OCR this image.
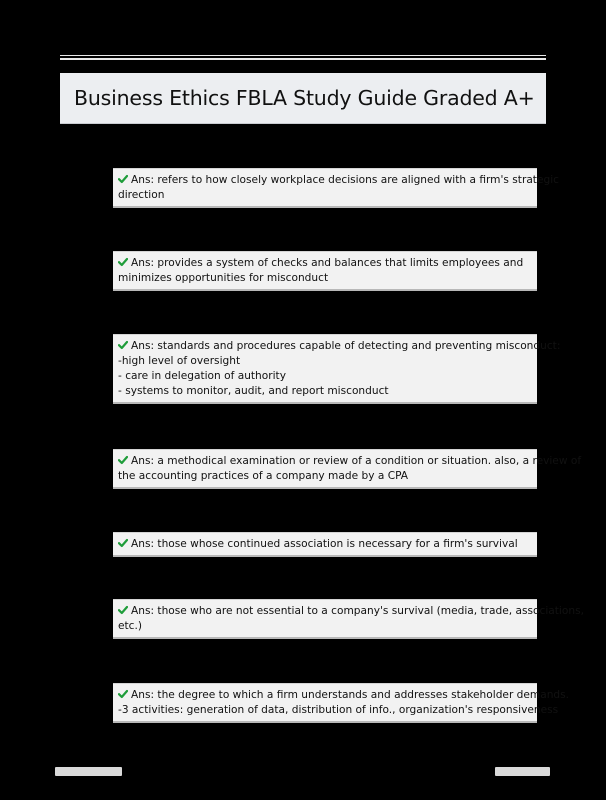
Business Ethics FBLA Study Guide Graded A+
Ans: refers to how closely workplace decisions are aligned with a firm's strategic
direction
Ans: provides a system of checks and balances that limits employees and
minimizes opportunities for misconduct
Ans: standards and procedures capable of detecting and preventing misconduct:
-high level of oversight
- care in delegation of authority
- systems to monitor, audit, and report misconduct
Ans: a methodical examination or review of a condition or situation. also, a review of
the accounting practices of a company made by a CPA
Ans: those whose continued association is necessary for a firm's survival
Ans: those who are not essential to a company's survival (media, trade, associations,
etc.)
Ans: the degree to which a firm understands and addresses stakeholder demands.
-3 activities: generation of data, distribution of info., organization's responsiveness
